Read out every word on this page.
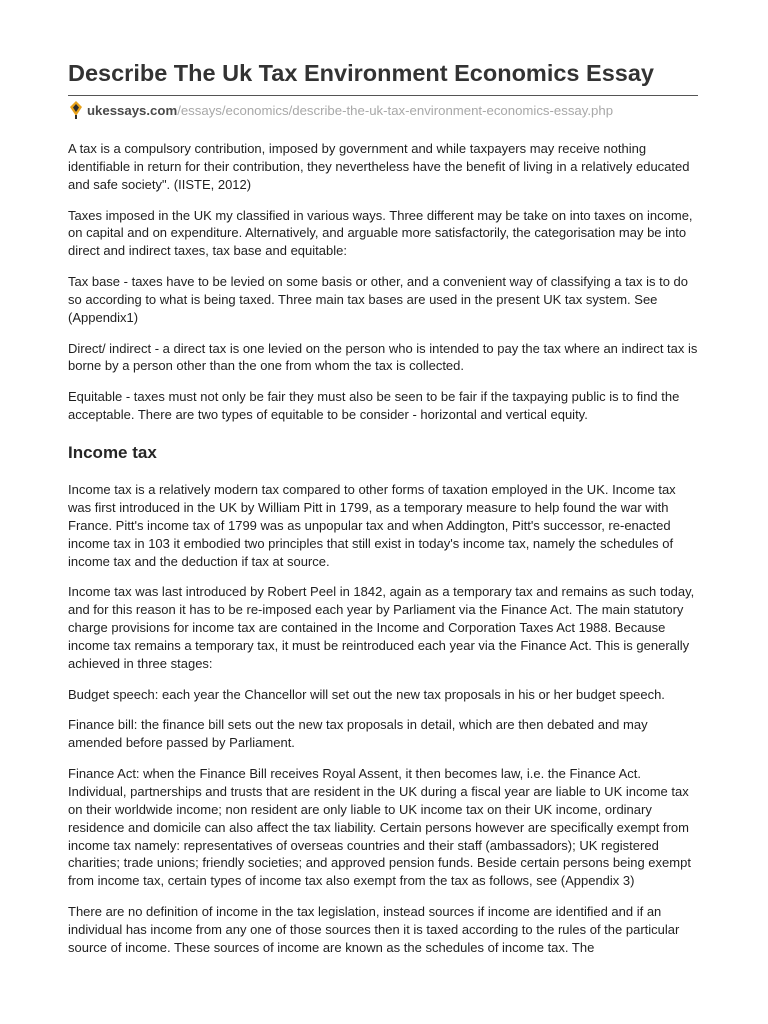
Describe The Uk Tax Environment Economics Essay
ukessays.com /essays/economics/describe-the-uk-tax-environment-economics-essay.php

A tax is a compulsory contribution, imposed by government and while taxpayers may receive nothing identifiable in return for their contribution, they nevertheless have the benefit of living in a relatively educated and safe society". (IISTE, 2012)

Taxes imposed in the UK my classified in various ways. Three different may be take on into taxes on income, on capital and on expenditure. Alternatively, and arguable more satisfactorily, the categorisation may be into direct and indirect taxes, tax base and equitable:

Tax base - taxes have to be levied on some basis or other, and a convenient way of classifying a tax is to do so according to what is being taxed. Three main tax bases are used in the present UK tax system. See (Appendix1)

Direct/ indirect - a direct tax is one levied on the person who is intended to pay the tax where an indirect tax is borne by a person other than the one from whom the tax is collected.

Equitable - taxes must not only be fair they must also be seen to be fair if the taxpaying public is to find the acceptable. There are two types of equitable to be consider - horizontal and vertical equity.

Income tax

Income tax is a relatively modern tax compared to other forms of taxation employed in the UK. Income tax was first introduced in the UK by William Pitt in 1799, as a temporary measure to help found the war with France. Pitt's income tax of 1799 was as unpopular tax and when Addington, Pitt's successor, re-enacted income tax in 103 it embodied two principles that still exist in today's income tax, namely the schedules of income tax and the deduction if tax at source.

Income tax was last introduced by Robert Peel in 1842, again as a temporary tax and remains as such today, and for this reason it has to be re-imposed each year by Parliament via the Finance Act. The main statutory charge provisions for income tax are contained in the Income and Corporation Taxes Act 1988. Because income tax remains a temporary tax, it must be reintroduced each year via the Finance Act. This is generally achieved in three stages:

Budget speech: each year the Chancellor will set out the new tax proposals in his or her budget speech.

Finance bill: the finance bill sets out the new tax proposals in detail, which are then debated and may amended before passed by Parliament.

Finance Act: when the Finance Bill receives Royal Assent, it then becomes law, i.e. the Finance Act. Individual, partnerships and trusts that are resident in the UK during a fiscal year are liable to UK income tax on their worldwide income; non resident are only liable to UK income tax on their UK income, ordinary residence and domicile can also affect the tax liability. Certain persons however are specifically exempt from income tax namely: representatives of overseas countries and their staff (ambassadors); UK registered charities; trade unions; friendly societies; and approved pension funds. Beside certain persons being exempt from income tax, certain types of income tax also exempt from the tax as follows, see (Appendix 3)

There are no definition of income in the tax legislation, instead sources if income are identified and if an individual has income from any one of those sources then it is taxed according to the rules of the particular source of income. These sources of income are known as the schedules of income tax. The
